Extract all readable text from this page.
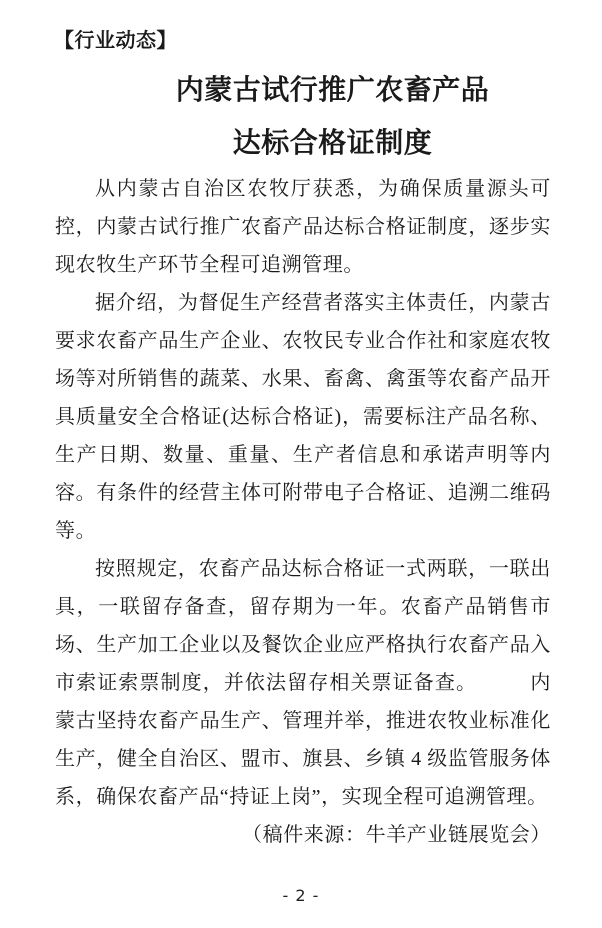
【行业动态】
内蒙古试行推广农畜产品
达标合格证制度

从内蒙古自治区农牧厅获悉，为确保质量源头可控，内蒙古试行推广农畜产品达标合格证制度，逐步实现农牧生产环节全程可追溯管理。

据介绍，为督促生产经营者落实主体责任，内蒙古要求农畜产品生产企业、农牧民专业合作社和家庭农牧场等对所销售的蔬菜、水果、畜禽、禽蛋等农畜产品开具质量安全合格证(达标合格证)，需要标注产品名称、生产日期、数量、重量、生产者信息和承诺声明等内容。有条件的经营主体可附带电子合格证、追溯二维码等。

按照规定，农畜产品达标合格证一式两联，一联出具，一联留存备查，留存期为一年。农畜产品销售市场、生产加工企业以及餐饮企业应严格执行农畜产品入市索证索票制度，并依法留存相关票证备查。　　　内蒙古坚持农畜产品生产、管理并举，推进农牧业标准化生产，健全自治区、盟市、旗县、乡镇 4 级监管服务体系，确保农畜产品“持证上岗”，实现全程可追溯管理。

（稿件来源：牛羊产业链展览会）

- 2 -
